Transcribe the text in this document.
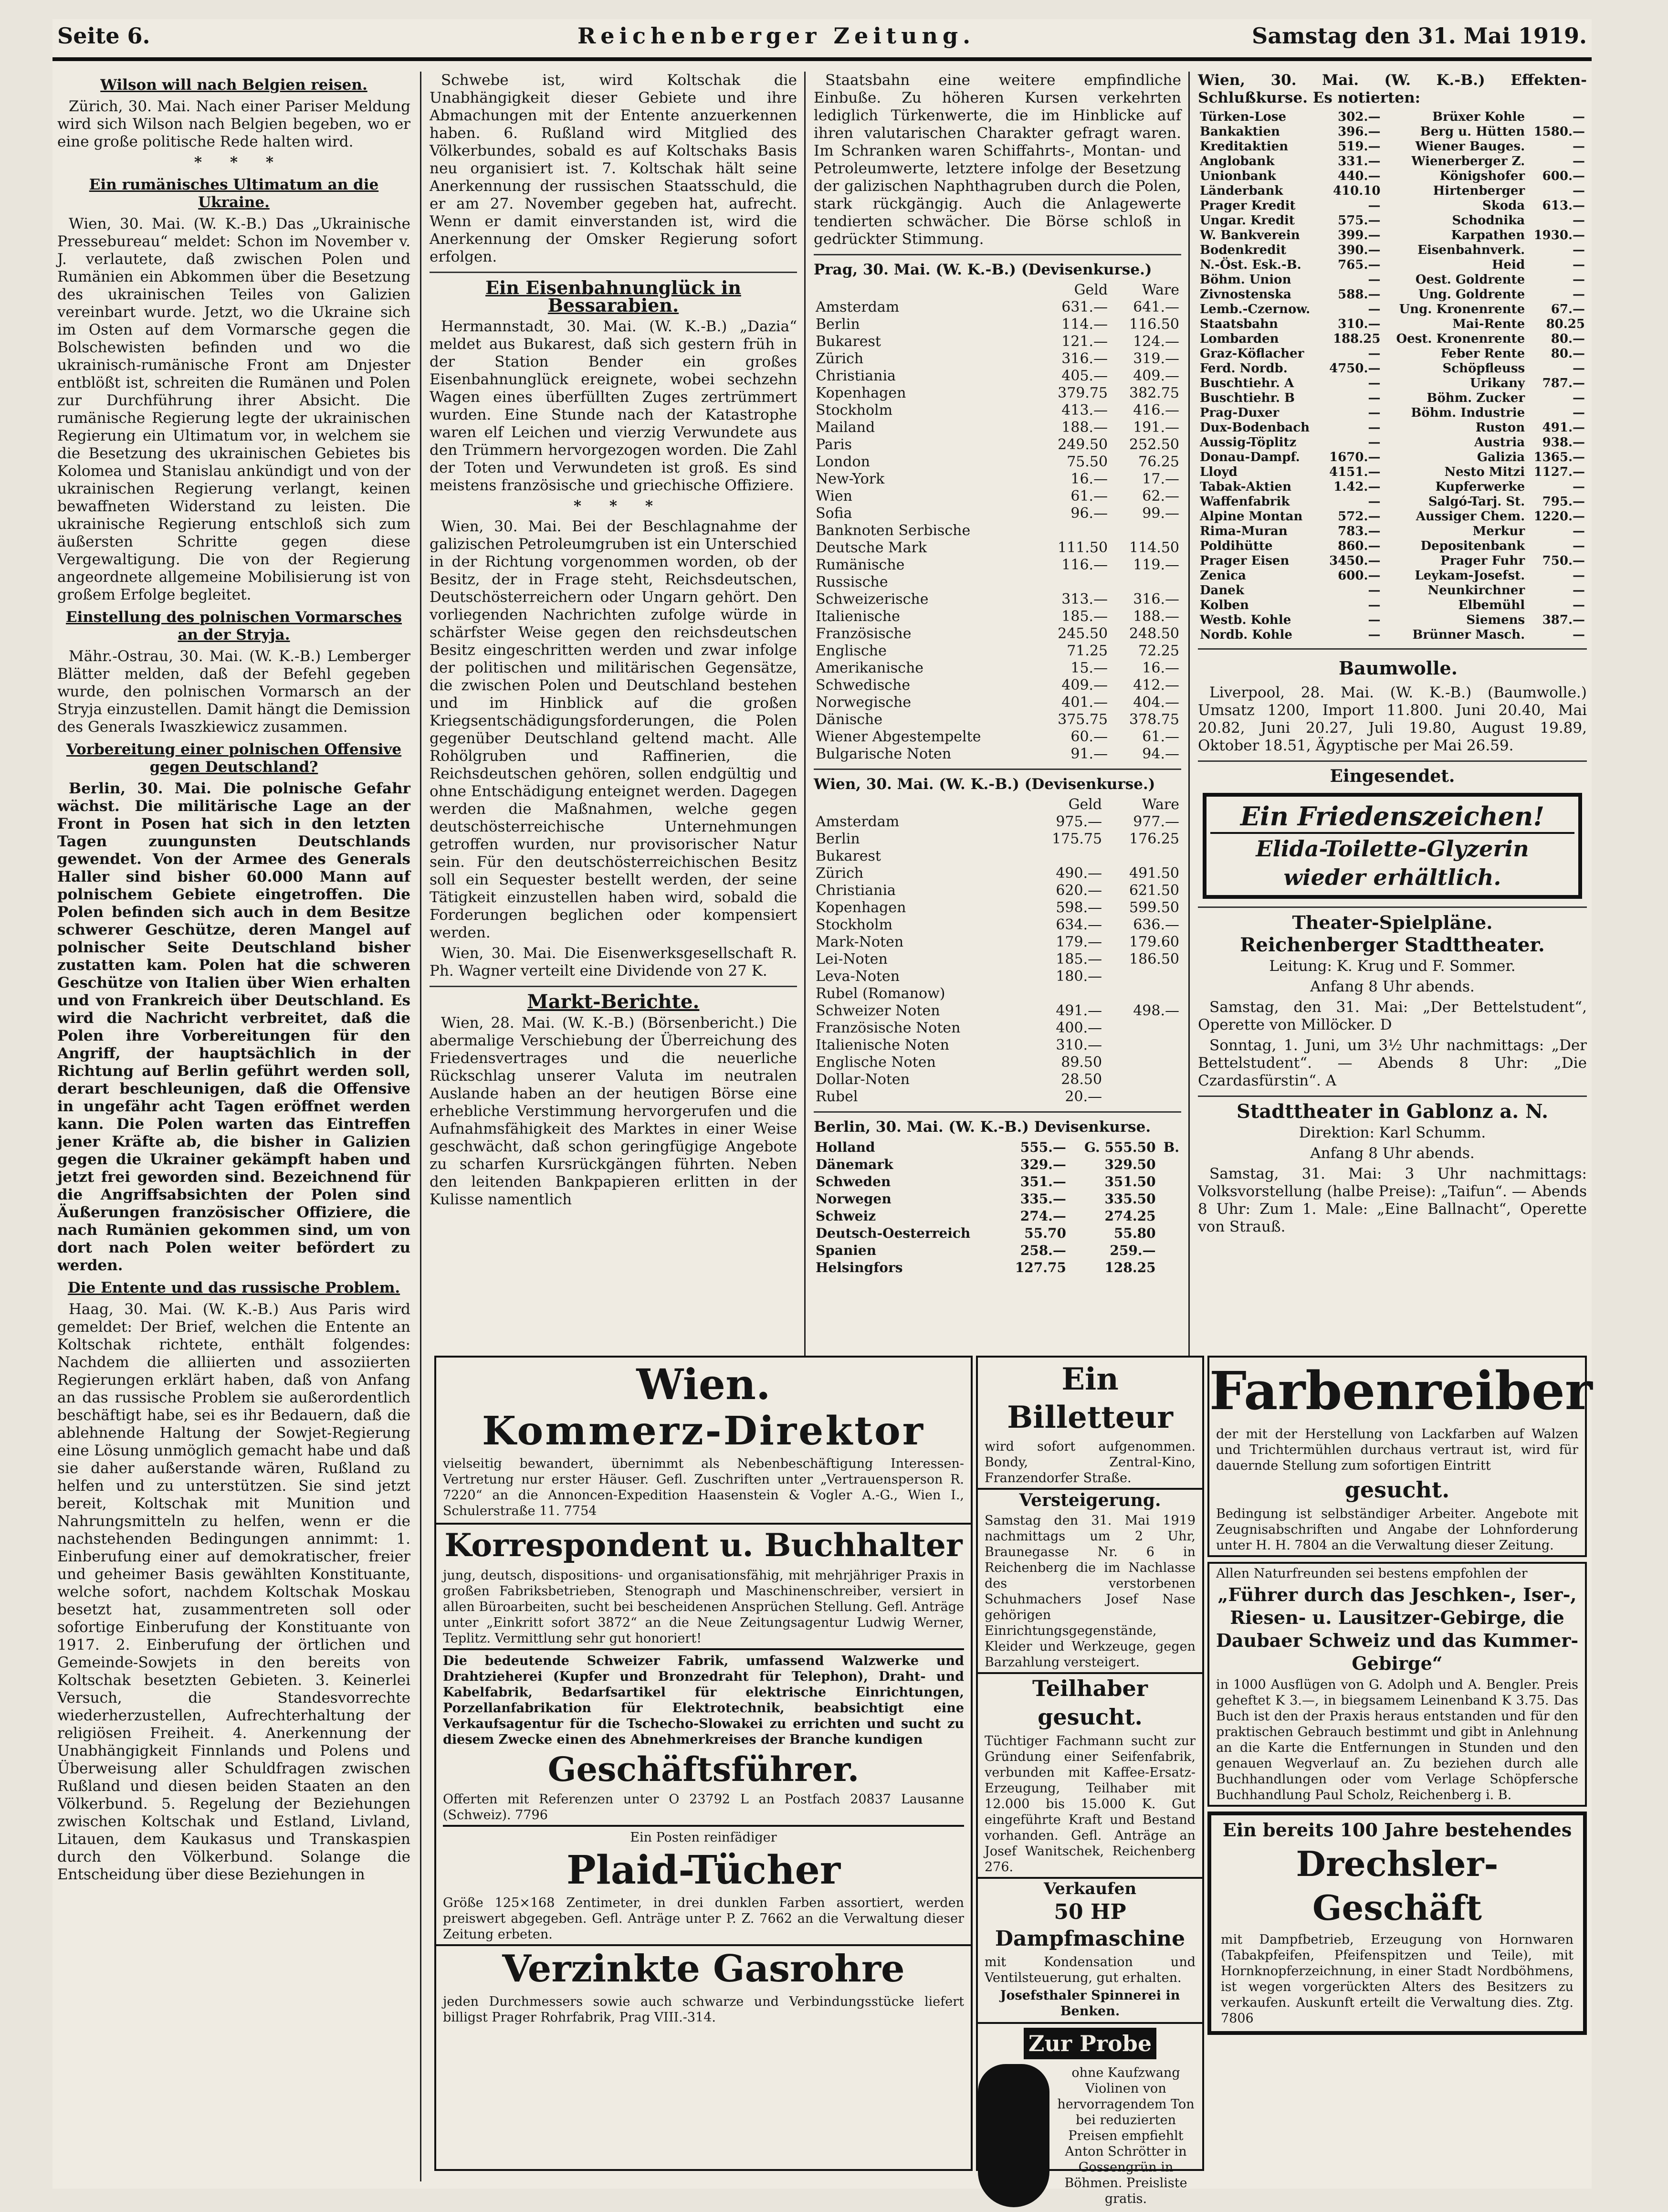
Seite 6.	Reichenberger Zeitung.	Samstag den 31. Mai 1919.

Wilson will nach Belgien reisen.

Zürich, 30. Mai. Nach einer Pariser Meldung wird sich Wilson nach Belgien begeben, wo er eine große politische Rede halten wird.

* * *

Ein rumänisches Ultimatum an die Ukraine.

Wien, 30. Mai. (W. K.-B.) Das „Ukrainische Pressebureau“ meldet: Schon im November v. J. verlautete, daß zwischen Polen und Rumänien ein Abkommen über die Besetzung des ukrainischen Teiles von Galizien vereinbart wurde. Jetzt, wo die Ukraine sich im Osten auf dem Vormarsche gegen die Bolschewisten befinden und wo die ukrainisch-rumänische Front am Dnjester entblößt ist, schreiten die Rumänen und Polen zur Durchführung ihrer Absicht. Die rumänische Regierung legte der ukrainischen Regierung ein Ultimatum vor, in welchem sie die Besetzung des ukrainischen Gebietes bis Kolomea und Stanislau ankündigt und von der ukrainischen Regierung verlangt, keinen bewaffneten Widerstand zu leisten. Die ukrainische Regierung entschloß sich zum äußersten Schritte gegen diese Vergewaltigung. Die von der Regierung angeordnete allgemeine Mobilisierung ist von großem Erfolge begleitet.

Einstellung des polnischen Vormarsches an der Stryja.

Mähr.-Ostrau, 30. Mai. (W. K.-B.) Lemberger Blätter melden, daß der Befehl gegeben wurde, den polnischen Vormarsch an der Stryja einzustellen. Damit hängt die Demission des Generals Iwaszkiewicz zusammen.

Vorbereitung einer polnischen Offensive gegen Deutschland?

Berlin, 30. Mai. Die polnische Gefahr wächst. Die militärische Lage an der Front in Posen hat sich in den letzten Tagen zuungunsten Deutschlands gewendet. Von der Armee des Generals Haller sind bisher 60.000 Mann auf polnischem Gebiete eingetroffen. Die Polen befinden sich auch in dem Besitze schwerer Geschütze, deren Mangel auf polnischer Seite Deutschland bisher zustatten kam. Polen hat die schweren Geschütze von Italien über Wien erhalten und von Frankreich über Deutschland. Es wird die Nachricht verbreitet, daß die Polen ihre Vorbereitungen für den Angriff, der hauptsächlich in der Richtung auf Berlin geführt werden soll, derart beschleunigen, daß die Offensive in ungefähr acht Tagen eröffnet werden kann. Die Polen warten das Eintreffen jener Kräfte ab, die bisher in Galizien gegen die Ukrainer gekämpft haben und jetzt frei geworden sind. Bezeichnend für die Angriffsabsichten der Polen sind Äußerungen französischer Offiziere, die nach Rumänien gekommen sind, um von dort nach Polen weiter befördert zu werden.

Die Entente und das russische Problem.

Haag, 30. Mai. (W. K.-B.) Aus Paris wird gemeldet: Der Brief, welchen die Entente an Koltschak richtete, enthält folgendes: Nachdem die alliierten und assoziierten Regierungen erklärt haben, daß von Anfang an das russische Problem sie außerordentlich beschäftigt habe, sei es ihr Bedauern, daß die ablehnende Haltung der Sowjet-Regierung eine Lösung unmöglich gemacht habe und daß sie daher außerstande wären, Rußland zu helfen und zu unterstützen. Sie sind jetzt bereit, Koltschak mit Munition und Nahrungsmitteln zu helfen, wenn er die nachstehenden Bedingungen annimmt: 1. Einberufung einer auf demokratischer, freier und geheimer Basis gewählten Konstituante, welche sofort, nachdem Koltschak Moskau besetzt hat, zusammentreten soll oder sofortige Einberufung der Konstituante von 1917. 2. Einberufung der örtlichen und Gemeinde-Sowjets in den bereits von Koltschak besetzten Gebieten. 3. Keinerlei Versuch, die Standesvorrechte wiederherzustellen, Aufrechterhaltung der religiösen Freiheit. 4. Anerkennung der Unabhängigkeit Finnlands und Polens und Überweisung aller Schuldfragen zwischen Rußland und diesen beiden Staaten an den Völkerbund. 5. Regelung der Beziehungen zwischen Koltschak und Estland, Livland, Litauen, dem Kaukasus und Transkaspien durch den Völkerbund. Solange die Entscheidung über diese Beziehungen in

Schwebe ist, wird Koltschak die Unabhängigkeit dieser Gebiete und ihre Abmachungen mit der Entente anzuerkennen haben. 6. Rußland wird Mitglied des Völkerbundes, sobald es auf Koltschaks Basis neu organisiert ist. 7. Koltschak hält seine Anerkennung der russischen Staatsschuld, die er am 27. November gegeben hat, aufrecht. Wenn er damit einverstanden ist, wird die Anerkennung der Omsker Regierung sofort erfolgen.

Ein Eisenbahnunglück in Bessarabien.

Hermannstadt, 30. Mai. (W. K.-B.) „Dazia“ meldet aus Bukarest, daß sich gestern früh in der Station Bender ein großes Eisenbahnunglück ereignete, wobei sechzehn Wagen eines überfüllten Zuges zertrümmert wurden. Eine Stunde nach der Katastrophe waren elf Leichen und vierzig Verwundete aus den Trümmern hervorgezogen worden. Die Zahl der Toten und Verwundeten ist groß. Es sind meistens französische und griechische Offiziere.

* * *

Wien, 30. Mai. Bei der Beschlagnahme der galizischen Petroleumgruben ist ein Unterschied in der Richtung vorgenommen worden, ob der Besitz, der in Frage steht, Reichsdeutschen, Deutschösterreichern oder Ungarn gehört. Den vorliegenden Nachrichten zufolge würde in schärfster Weise gegen den reichsdeutschen Besitz eingeschritten werden und zwar infolge der politischen und militärischen Gegensätze, die zwischen Polen und Deutschland bestehen und im Hinblick auf die großen Kriegsentschädigungsforderungen, die Polen gegenüber Deutschland geltend macht. Alle Rohölgruben und Raffinerien, die Reichsdeutschen gehören, sollen endgültig und ohne Entschädigung enteignet werden. Dagegen werden die Maßnahmen, welche gegen deutschösterreichische Unternehmungen getroffen wurden, nur provisorischer Natur sein. Für den deutschösterreichischen Besitz soll ein Sequester bestellt werden, der seine Tätigkeit einzustellen haben wird, sobald die Forderungen beglichen oder kompensiert werden.

Wien, 30. Mai. Die Eisenwerksgesellschaft R. Ph. Wagner verteilt eine Dividende von 27 K.

Markt-Berichte.

Wien, 28. Mai. (W. K.-B.) (Börsenbericht.) Die abermalige Verschiebung der Überreichung des Friedensvertrages und die neuerliche Rückschlag unserer Valuta im neutralen Auslande haben an der heutigen Börse eine erhebliche Verstimmung hervorgerufen und die Aufnahmsfähigkeit des Marktes in einer Weise geschwächt, daß schon geringfügige Angebote zu scharfen Kursrückgängen führten. Neben den leitenden Bankpapieren erlitten in der Kulisse namentlich

Staatsbahn eine weitere empfindliche Einbuße. Zu höheren Kursen verkehrten lediglich Türkenwerte, die im Hinblicke auf ihren valutarischen Charakter gefragt waren. Im Schranken waren Schiffahrts-, Montan- und Petroleumwerte, letztere infolge der Besetzung der galizischen Naphthagruben durch die Polen, stark rückgängig. Auch die Anlagewerte tendierten schwächer. Die Börse schloß in gedrückter Stimmung.

Prag, 30. Mai. (W. K.-B.) (Devisenkurse.)

	Geld	Ware
Amsterdam	631.—	641.—
Berlin	114.—	116.50
Bukarest	121.—	124.—
Zürich	316.—	319.—
Christiania	405.—	409.—
Kopenhagen	379.75	382.75
Stockholm	413.—	416.—
Mailand	188.—	191.—
Paris	249.50	252.50
London	75.50	76.25
New-York	16.—	17.—
Wien	61.—	62.—
Sofia	96.—	99.—
Banknoten Serbische		
Deutsche Mark	111.50	114.50
Rumänische	116.—	119.—
Russische		
Schweizerische	313.—	316.—
Italienische	185.—	188.—
Französische	245.50	248.50
Englische	71.25	72.25
Amerikanische	15.—	16.—
Schwedische	409.—	412.—
Norwegische	401.—	404.—
Dänische	375.75	378.75
Wiener Abgestempelte	60.—	61.—
Bulgarische Noten	91.—	94.—

Wien, 30. Mai. (W. K.-B.) (Devisenkurse.)

	Geld	Ware
Amsterdam	975.—	977.—
Berlin	175.75	176.25
Bukarest		
Zürich	490.—	491.50
Christiania	620.—	621.50
Kopenhagen	598.—	599.50
Stockholm	634.—	636.—
Mark-Noten	179.—	179.60
Lei-Noten	185.—	186.50
Leva-Noten	180.—	
Rubel (Romanow)		
Schweizer Noten	491.—	498.—
Französische Noten	400.—	
Italienische Noten	310.—	
Englische Noten	89.50	
Dollar-Noten	28.50	
Rubel	20.—	

Berlin, 30. Mai. (W. K.-B.) Devisenkurse.

Holland	555.—	G. 555.50	B.
Dänemark	329.—	329.50	
Schweden	351.—	351.50	
Norwegen	335.—	335.50	
Schweiz	274.—	274.25	
Deutsch-Oesterreich	55.70	55.80	
Spanien	258.—	259.—	
Helsingfors	127.75	128.25	

Wien, 30. Mai. (W. K.-B.) Effekten-Schlußkurse. Es notierten:

Türken-Lose	302.—	Brüxer Kohle	—
Bankaktien	396.—	Berg u. Hütten	1580.—
Kreditaktien	519.—	Wiener Bauges.	—
Anglobank	331.—	Wienerberger Z.	—
Unionbank	440.—	Königshofer	600.—
Länderbank	410.10	Hirtenberger	—
Prager Kredit	—	Skoda	613.—
Ungar. Kredit	575.—	Schodnika	—
W. Bankverein	399.—	Karpathen	1930.—
Bodenkredit	390.—	Eisenbahnverk.	—
N.-Öst. Esk.-B.	765.—	Heid	—
Böhm. Union	—	Oest. Goldrente	—
Zivnostenska	588.—	Ung. Goldrente	—
Lemb.-Czernow.	—	Ung. Kronenrente	67.—
Staatsbahn	310.—	Mai-Rente	80.25
Lombarden	188.25	Oest. Kronenrente	80.—
Graz-Köflacher	—	Feber Rente	80.—
Ferd. Nordb.	4750.—	Schöpfleuss	—
Buschtiehr. A	—	Urikany	787.—
Buschtiehr. B	—	Böhm. Zucker	—
Prag-Duxer	—	Böhm. Industrie	—
Dux-Bodenbach	—	Ruston	491.—
Aussig-Töplitz	—	Austria	938.—
Donau-Dampf.	1670.—	Galizia	1365.—
Lloyd	4151.—	Nesto Mitzi	1127.—
Tabak-Aktien	1.42.—	Kupferwerke	—
Waffenfabrik	—	Salgó-Tarj. St.	795.—
Alpine Montan	572.—	Aussiger Chem.	1220.—
Rima-Muran	783.—	Merkur	—
Poldihütte	860.—	Depositenbank	—
Prager Eisen	3450.—	Prager Fuhr	750.—
Zenica	600.—	Leykam-Josefst.	—
Danek	—	Neunkirchner	—
Kolben	—	Elbemühl	—
Westb. Kohle	—	Siemens	387.—
Nordb. Kohle	—	Brünner Masch.	—

Baumwolle.

Liverpool, 28. Mai. (W. K.-B.) (Baumwolle.) Umsatz 1200, Import 11.800. Juni 20.40, Mai 20.82, Juni 20.27, Juli 19.80, August 19.89, Oktober 18.51, Ägyptische per Mai 26.59.

Eingesendet.

Ein Friedenszeichen!
Elida-Toilette-Glyzerin
wieder erhältlich.

Theater-Spielpläne.

Reichenberger Stadttheater.

Leitung: K. Krug und F. Sommer.

Anfang 8 Uhr abends.

Samstag, den 31. Mai: „Der Bettelstudent“, Operette von Millöcker. D

Sonntag, 1. Juni, um 3½ Uhr nachmittags: „Der Bettelstudent“. — Abends 8 Uhr: „Die Czardasfürstin“. A

Stadttheater in Gablonz a. N.

Direktion: Karl Schumm.

Anfang 8 Uhr abends.

Samstag, 31. Mai: 3 Uhr nachmittags: Volksvorstellung (halbe Preise): „Taifun“. — Abends 8 Uhr: Zum 1. Male: „Eine Ballnacht“, Operette von Strauß.

Wien.
Kommerz-Direktor
vielseitig bewandert, übernimmt als Nebenbeschäftigung Interessen-Vertretung nur erster Häuser. Gefl. Zuschriften unter „Vertrauensperson R. 7220“ an die Annoncen-Expedition Haasenstein & Vogler A.-G., Wien I., Schulerstraße 11. 7754
Korrespondent u. Buchhalter
jung, deutsch, dispositions- und organisationsfähig, mit mehrjähriger Praxis in großen Fabriksbetrieben, Stenograph und Maschinenschreiber, versiert in allen Büroarbeiten, sucht bei bescheidenen Ansprüchen Stellung. Gefl. Anträge unter „Einkritt sofort 3872“ an die Neue Zeitungsagentur Ludwig Werner, Teplitz. Vermittlung sehr gut honoriert!
Die bedeutende Schweizer Fabrik, umfassend Walzwerke und Drahtzieherei (Kupfer und Bronzedraht für Telephon), Draht- und Kabelfabrik, Bedarfsartikel für elektrische Einrichtungen, Porzellanfabrikation für Elektrotechnik, beabsichtigt eine Verkaufsagentur für die Tschecho-Slowakei zu errichten und sucht zu diesem Zwecke einen des Abnehmerkreises der Branche kundigen
Geschäftsführer.
Offerten mit Referenzen unter O 23792 L an Postfach 20837 Lausanne (Schweiz). 7796
Ein Posten reinfädiger
Plaid-Tücher
Größe 125×168 Zentimeter, in drei dunklen Farben assortiert, werden preiswert abgegeben. Gefl. Anträge unter P. Z. 7662 an die Verwaltung dieser Zeitung erbeten.
Verzinkte Gasrohre
jeden Durchmessers sowie auch schwarze und Verbindungsstücke liefert billigst Prager Rohrfabrik, Prag VIII.-314.
Ein Billetteur
wird sofort aufgenommen. Bondy, Zentral-Kino, Franzendorfer Straße.
Versteigerung.
Samstag den 31. Mai 1919 nachmittags um 2 Uhr, Braunegasse Nr. 6 in Reichenberg die im Nachlasse des verstorbenen Schuhmachers Josef Nase gehörigen Einrichtungsgegenstände, Kleider und Werkzeuge, gegen Barzahlung versteigert.
Teilhaber gesucht.
Tüchtiger Fachmann sucht zur Gründung einer Seifenfabrik, verbunden mit Kaffee-Ersatz-Erzeugung, Teilhaber mit 12.000 bis 15.000 K. Gut eingeführte Kraft und Bestand vorhanden. Gefl. Anträge an Josef Wanitschek, Reichenberg 276.
Verkaufen
50 HP Dampfmaschine
mit Kondensation und Ventilsteuerung, gut erhalten.
Josefsthaler Spinnerei in Benken.
Zur Probe
ohne Kaufzwang Violinen von hervorragendem Ton bei reduzierten Preisen empfiehlt Anton Schrötter in Gossengrün in Böhmen. Preisliste gratis.
Farbenreiber
der mit der Herstellung von Lackfarben auf Walzen und Trichtermühlen durchaus vertraut ist, wird für dauernde Stellung zum sofortigen Eintritt
gesucht.
Bedingung ist selbständiger Arbeiter. Angebote mit Zeugnisabschriften und Angabe der Lohnforderung unter H. H. 7804 an die Verwaltung dieser Zeitung.
Allen Naturfreunden sei bestens empfohlen der
„Führer durch das Jeschken-, Iser-, Riesen- u. Lausitzer-Gebirge, die Daubaer Schweiz und das Kummer-Gebirge“
in 1000 Ausflügen von G. Adolph und A. Bengler. Preis geheftet K 3.—, in biegsamem Leinenband K 3.75. Das Buch ist den der Praxis heraus entstanden und für den praktischen Gebrauch bestimmt und gibt in Anlehnung an die Karte die Entfernungen in Stunden und den genauen Wegverlauf an. Zu beziehen durch alle Buchhandlungen oder vom Verlage Schöpfersche Buchhandlung Paul Scholz, Reichenberg i. B.
Ein bereits 100 Jahre bestehendes
Drechsler-Geschäft
mit Dampfbetrieb, Erzeugung von Hornwaren (Tabakpfeifen, Pfeifenspitzen und Teile), mit Hornknopferzeichnung, in einer Stadt Nordböhmens, ist wegen vorgerückten Alters des Besitzers zu verkaufen. Auskunft erteilt die Verwaltung dies. Ztg. 7806
